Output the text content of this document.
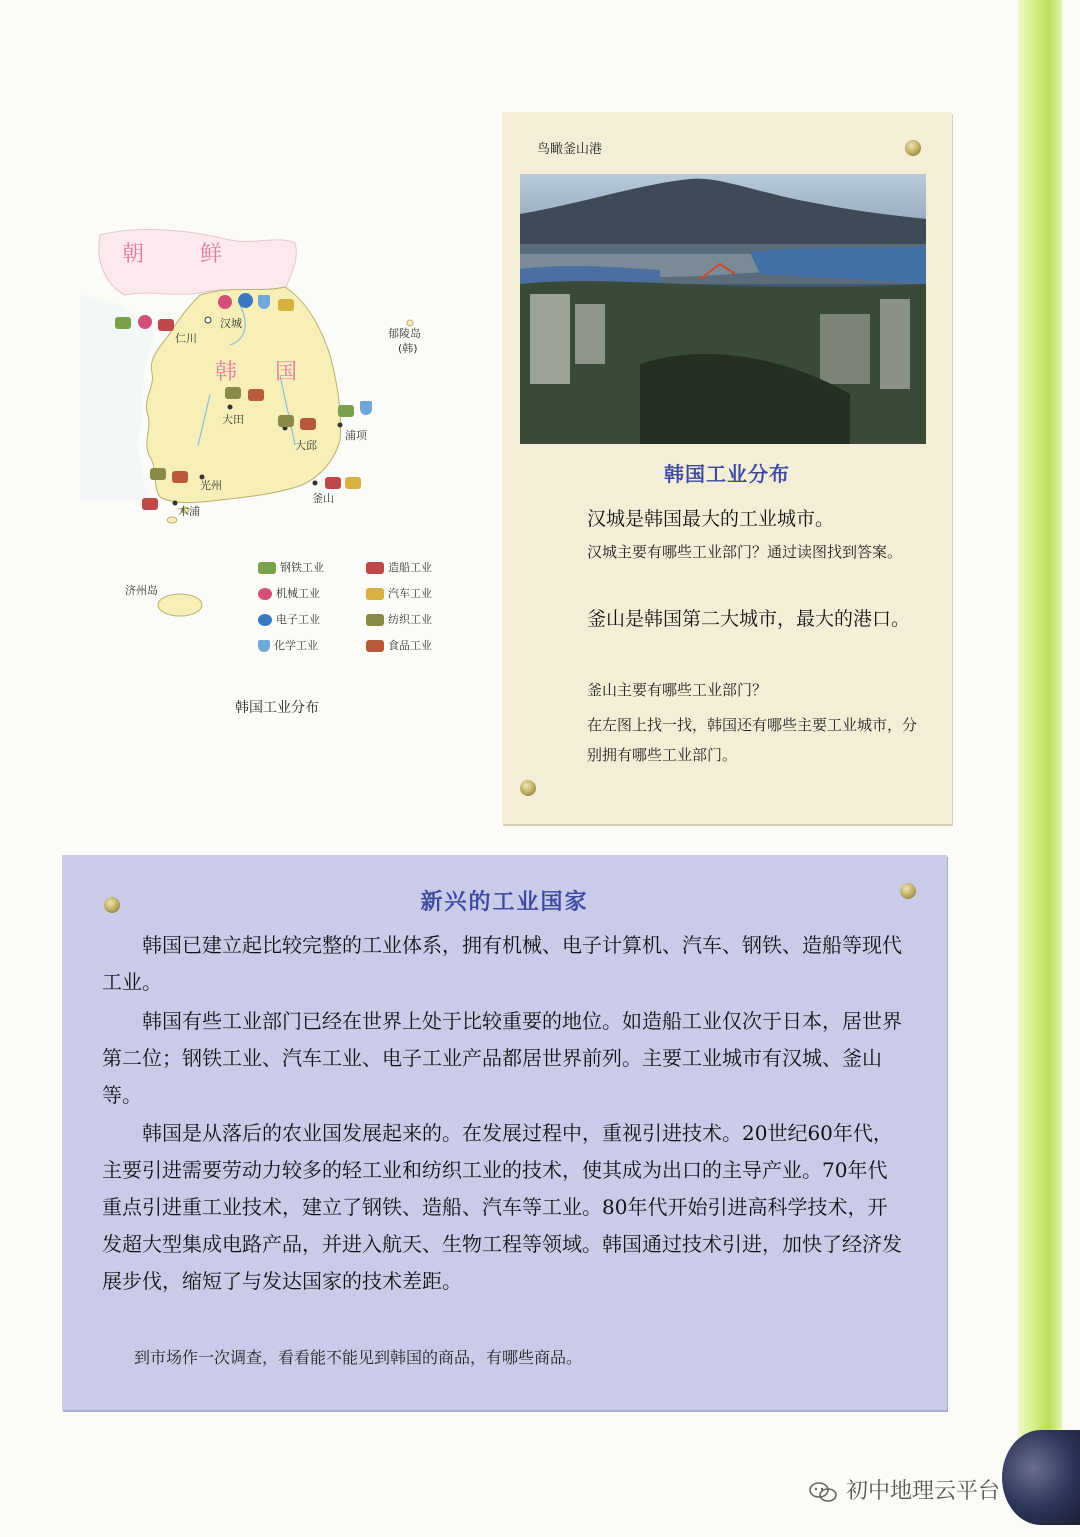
朝	鲜
韩 国
汉城
仁川	郁陵岛
(韩)
大田
大邱
浦项
光州
釜山
木浦
济州岛
钢铁工业
机械工业
电子工业
化学工业
造船工业
汽车工业
纺织工业
食品工业
韩国工业分布
鸟瞰釜山港
韩国工业分布
汉城是韩国最大的工业城市。
汉城主要有哪些工业部门？通过读图找到答案。
釜山是韩国第二大城市，最大的港口。
釜山主要有哪些工业部门？
在左图上找一找，韩国还有哪些主要工业城市，分别拥有哪些工业部门。
新兴的工业国家
韩国已建立起比较完整的工业体系，拥有机械、电子计算机、汽车、钢铁、造船等现代工业。
韩国有些工业部门已经在世界上处于比较重要的地位。如造船工业仅次于日本，居世界第二位；钢铁工业、汽车工业、电子工业产品都居世界前列。主要工业城市有汉城、釜山等。
韩国是从落后的农业国发展起来的。在发展过程中，重视引进技术。20世纪60年代，主要引进需要劳动力较多的轻工业和纺织工业的技术，使其成为出口的主导产业。70年代重点引进重工业技术，建立了钢铁、造船、汽车等工业。80年代开始引进高科学技术，开发超大型集成电路产品，并进入航天、生物工程等领域。韩国通过技术引进，加快了经济发展步伐，缩短了与发达国家的技术差距。
到市场作一次调查，看看能不能见到韩国的商品，有哪些商品。
初中地理云平台
